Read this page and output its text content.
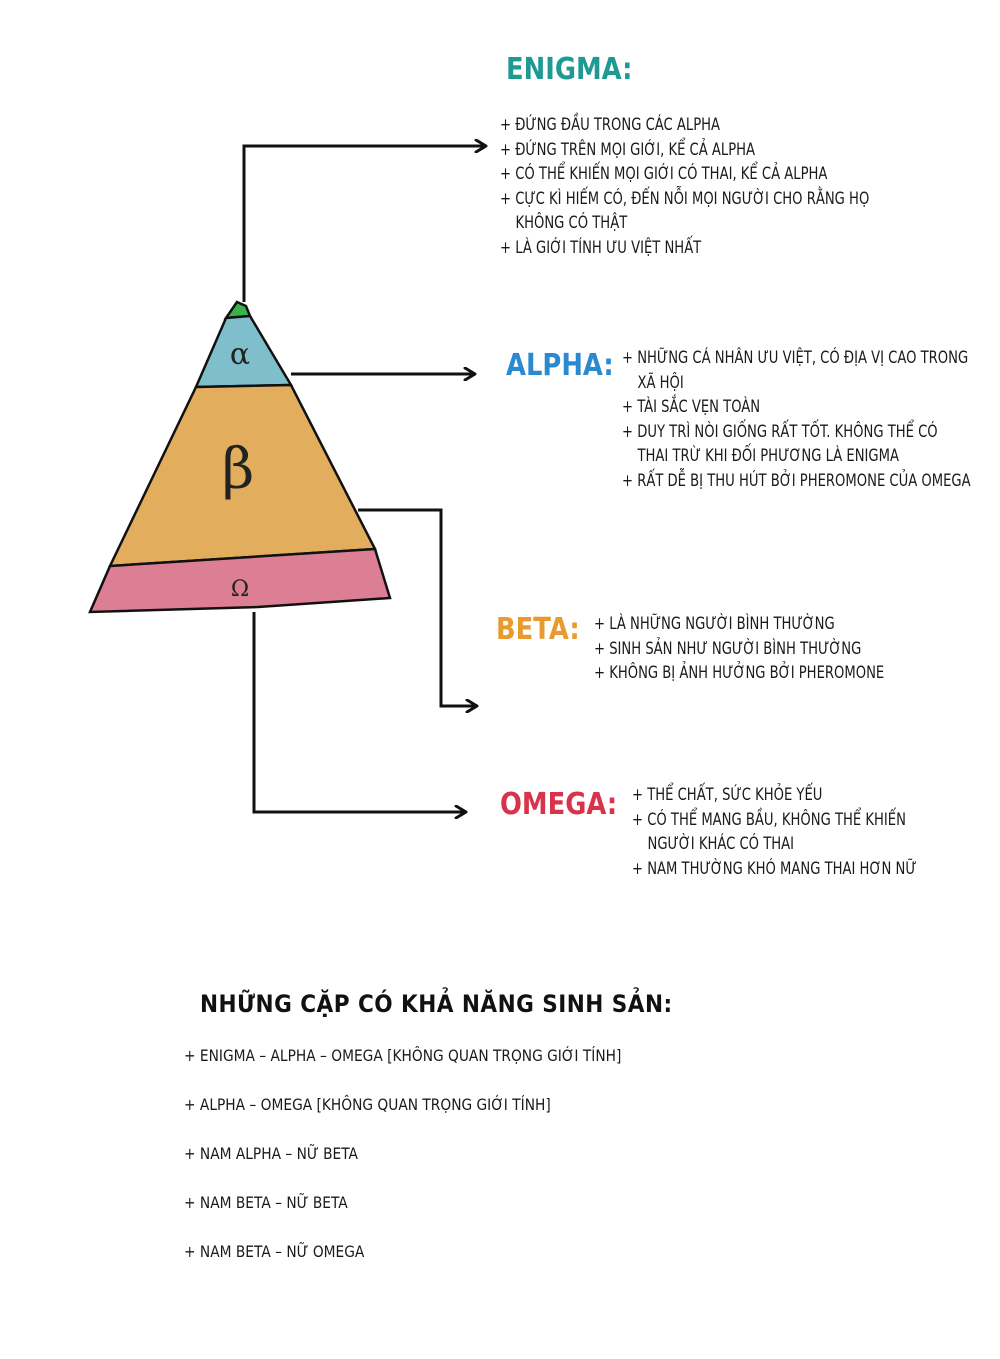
α
β
Ω
ENIGMA:
+ ĐỨNG ĐẦU TRONG CÁC ALPHA
+ ĐỨNG TRÊN MỌI GIỚI, KỂ CẢ ALPHA
+ CÓ THỂ KHIẾN MỌI GIỚI CÓ THAI, KỂ CẢ ALPHA
+ CỰC KÌ HIẾM CÓ, ĐẾN NỖI MỌI NGƯỜI CHO RẰNG HỌ
KHÔNG CÓ THẬT
+ LÀ GIỚI TÍNH ƯU VIỆT NHẤT
ALPHA: + NHỮNG CÁ NHÂN ƯU VIỆT, CÓ ĐỊA VỊ CAO TRONG
XÃ HỘI
+ TÀI SẮC VẸN TOÀN
+ DUY TRÌ NÒI GIỐNG RẤT TỐT. KHÔNG THỂ CÓ
THAI TRỪ KHI ĐỐI PHƯƠNG LÀ ENIGMA
+ RẤT DỄ BỊ THU HÚT BỞI PHEROMONE CỦA OMEGA
BETA: + LÀ NHỮNG NGƯỜI BÌNH THƯỜNG
+ SINH SẢN NHƯ NGƯỜI BÌNH THƯỜNG
+ KHÔNG BỊ ẢNH HƯỞNG BỞI PHEROMONE
OMEGA: + THỂ CHẤT, SỨC KHỎE YẾU
+ CÓ THỂ MANG BẦU, KHÔNG THỂ KHIẾN
NGƯỜI KHÁC CÓ THAI
+ NAM THƯỜNG KHÓ MANG THAI HƠN NỮ
NHỮNG CẶP CÓ KHẢ NĂNG SINH SẢN:
+ ENIGMA – ALPHA – OMEGA [KHÔNG QUAN TRỌNG GIỚI TÍNH]
+ ALPHA – OMEGA [KHÔNG QUAN TRỌNG GIỚI TÍNH]
+ NAM ALPHA – NỮ BETA
+ NAM BETA – NỮ BETA
+ NAM BETA – NỮ OMEGA
